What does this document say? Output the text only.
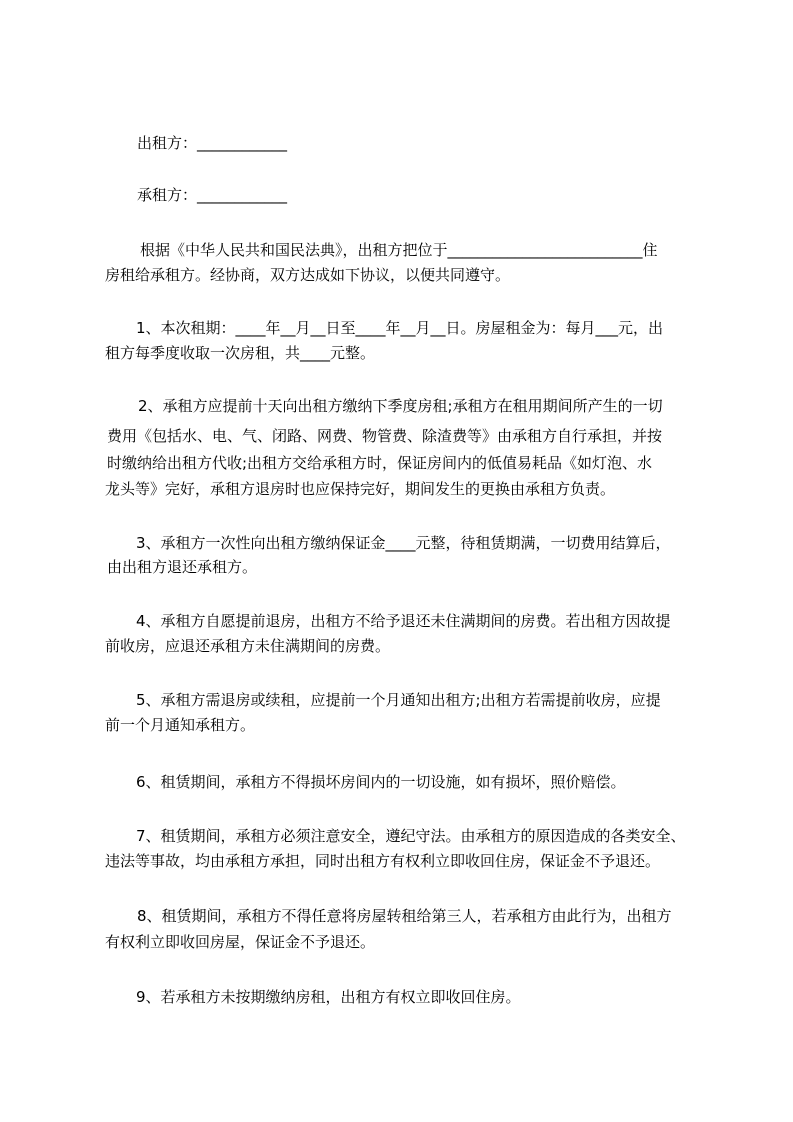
出租方：____________
承租方：____________
根据《中华人民共和国民法典》，出租方把位于__________________________住
房租给承租方。经协商，双方达成如下协议，以便共同遵守。
1、本次租期：____年__月__日至____年__月__日。房屋租金为：每月___元，出
租方每季度收取一次房租，共____元整。
2、承租方应提前十天向出租方缴纳下季度房租;承租方在租用期间所产生的一切
费用《包括水、电、气、闭路、网费、物管费、除渣费等》由承租方自行承担，并按
时缴纳给出租方代收;出租方交给承租方时，保证房间内的低值易耗品《如灯泡、水
龙头等》完好，承租方退房时也应保持完好，期间发生的更换由承租方负责。
3、承租方一次性向出租方缴纳保证金____元整，待租赁期满，一切费用结算后，
由出租方退还承租方。
4、承租方自愿提前退房，出租方不给予退还未住满期间的房费。若出租方因故提
前收房，应退还承租方未住满期间的房费。
5、承租方需退房或续租，应提前一个月通知出租方;出租方若需提前收房，应提
前一个月通知承租方。
6、租赁期间，承租方不得损坏房间内的一切设施，如有损坏，照价赔偿。
7、租赁期间，承租方必须注意安全，遵纪守法。由承租方的原因造成的各类安全、
违法等事故，均由承租方承担，同时出租方有权利立即收回住房，保证金不予退还。
8、租赁期间，承租方不得任意将房屋转租给第三人，若承租方由此行为，出租方
有权利立即收回房屋，保证金不予退还。
9、若承租方未按期缴纳房租，出租方有权立即收回住房。
